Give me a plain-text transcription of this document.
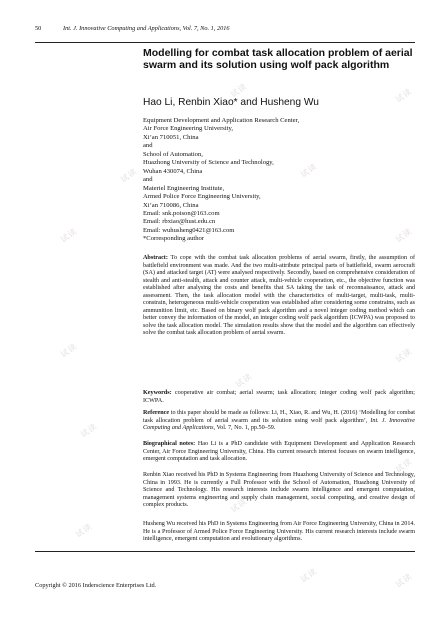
50	Int. J. Innovative Computing and Applications, Vol. 7, No. 1, 2016
Modelling for combat task allocation problem of aerial swarm and its solution using wolf pack algorithm
Hao Li, Renbin Xiao* and Husheng Wu
Equipment Development and Application Research Center,
Air Force Engineering University,
Xi’an 710051, China
and
School of Automation,
Huazhong University of Science and Technology,
Wuhan 430074, China
and
Materiel Engineering Institute,
Armed Police Force Engineering University,
Xi’an 710086, China
Email: snk.poison@163.com
Email: rbxiao@hust.edu.cn
Email: wuhusheng0421@163.com
*Corresponding author
Abstract: To cope with the combat task allocation problems of aerial swarm, firstly, the assumption of battlefield environment was made. And the two multi-attribute principal parts of battlefield, swarm aerocraft (SA) and attacked target (AT) were analysed respectively. Secondly, based on comprehensive consideration of stealth and anti-stealth, attack and counter attack, multi-vehicle cooperation, etc., the objective function was established after analysing the costs and benefits that SA taking the task of reconnaissance, attack and assessment. Then, the task allocation model with the characteristics of multi-target, multi-task, multi-constrain, heterogeneous multi-vehicle cooperation was established after considering some constrains, such as ammunition limit, etc. Based on binary wolf pack algorithm and a novel integer coding method which can better convey the information of the model, an integer coding wolf pack algorithm (ICWPA) was proposed to solve the task allocation model. The simulation results show that the model and the algorithm can effectively solve the combat task allocation problem of aerial swarm.
Keywords: cooperative air combat; aerial swarm; task allocation; integer coding wolf pack algorithm; ICWPA.
Reference to this paper should be made as follows: Li, H., Xiao, R. and Wu, H. (2016) ‘Modelling for combat task allocation problem of aerial swarm and its solution using wolf pack algorithm’, Int. J. Innovative Computing and Applications, Vol. 7, No. 1, pp.50–59.
Biographical notes: Hao Li is a PhD candidate with Equipment Development and Application Research Center, Air Force Engineering University, China. His current research interest focuses on swarm intelligence, emergent computation and task allocation.
Renbin Xiao received his PhD in Systems Engineering from Huazhong University of Science and Technology, China in 1993. He is currently a Full Professor with the School of Automation, Huazhong University of Science and Technology. His research interests include swarm intelligence and emergent computation, management systems engineering and supply chain management, social computing, and creative design of complex products.
Husheng Wu received his PhD in Systems Engineering from Air Force Engineering University, China in 2014. He is a Professor of Armed Police Force Engineering University. His current research interests include swarm intelligence, emergent computation and evolutionary algorithms.
Copyright © 2016 Inderscience Enterprises Ltd.
试读
试读
试读
试读
试读
试读
试读
试读
试读
试读
试读
试读
试读
试读	试读
